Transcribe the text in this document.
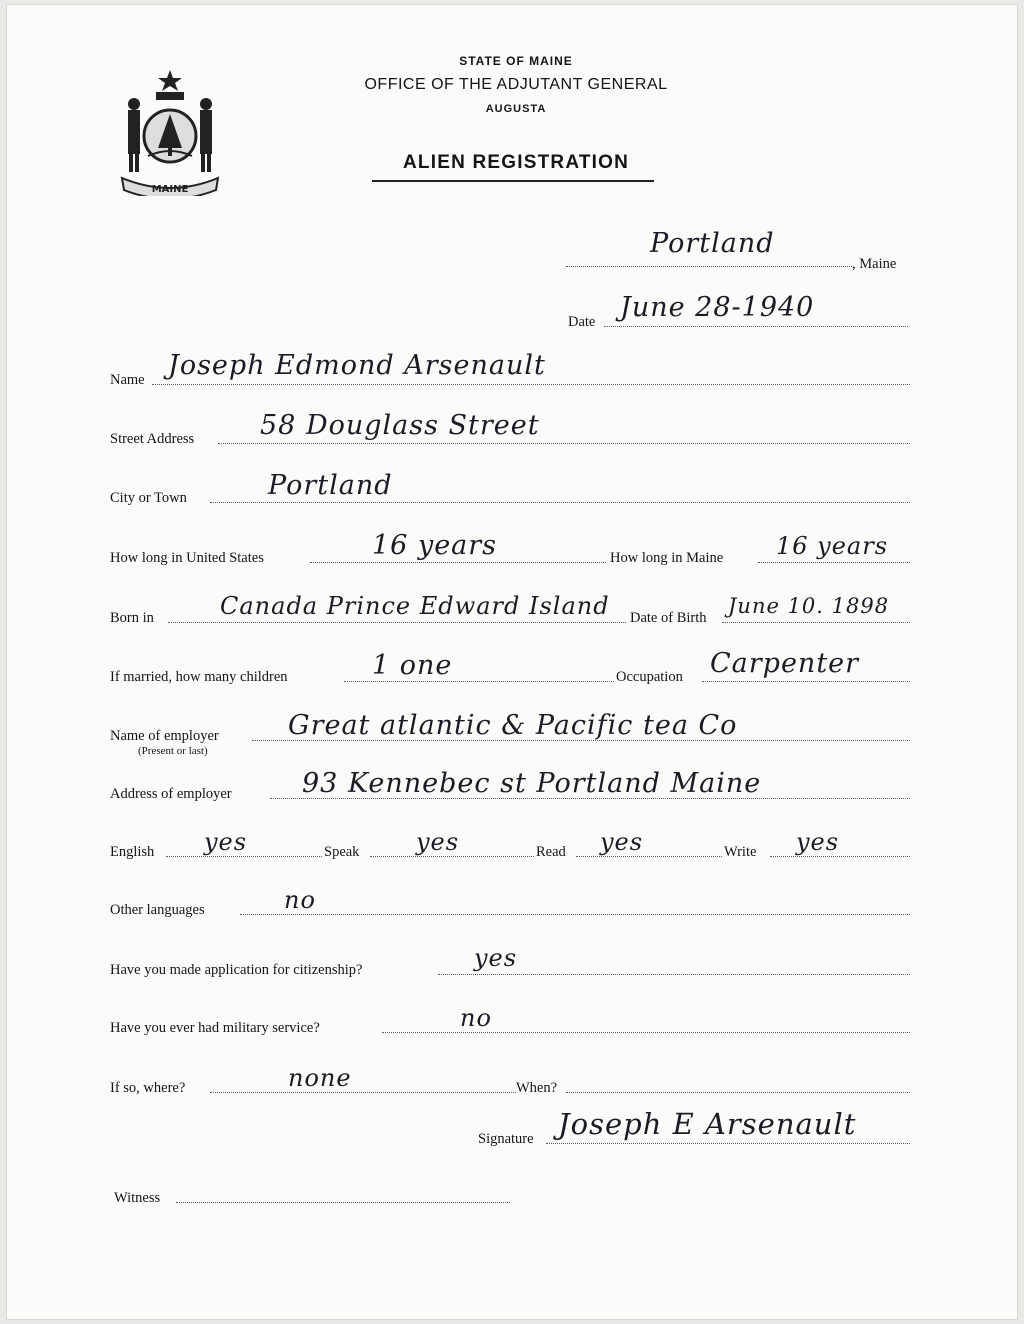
MAINE
STATE OF MAINE
OFFICE OF THE ADJUTANT GENERAL
AUGUSTA
ALIEN REGISTRATION
Portland
, Maine
Date June 28-1940
Name Joseph Edmond Arsenault
Street Address 58 Douglass Street
City or Town	Portland
How long in United States	16 years	How long in Maine 16 years
Born in	Canada Prince Edward Island Date of Birth June 10. 1898
If married, how many children	1 one	Occupation Carpenter
Name of employer
(Present or last)
Great atlantic & Pacific tea Co
Address of employer	93 Kennebec st Portland Maine
English yes	Speak yes	Read yes	Write yes
Other languages	no
Have you made application for citizenship?	yes
Have you ever had military service?	no
If so, where?	none	When?
Signature Joseph E Arsenault
Witness
